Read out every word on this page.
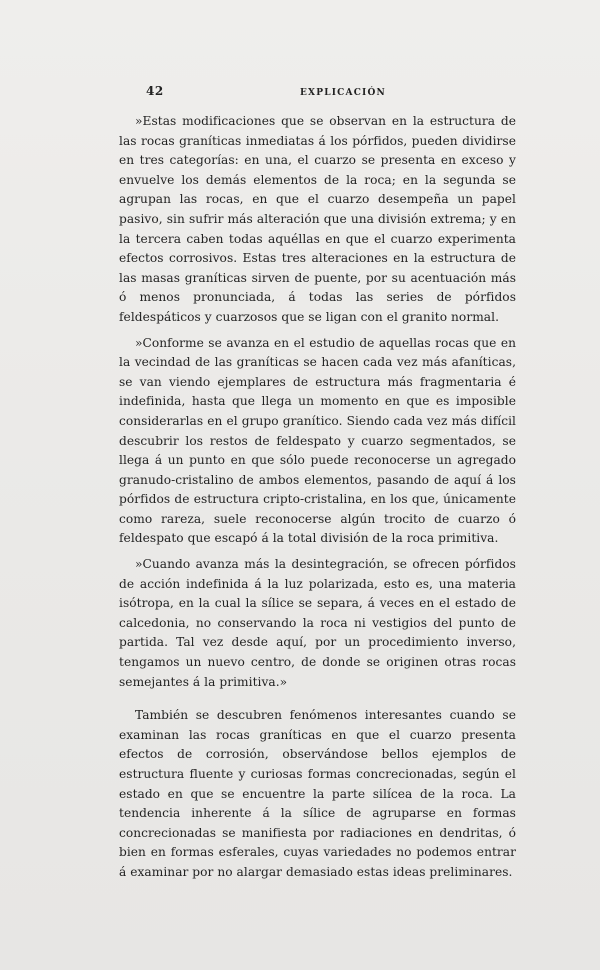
42	EXPLICACIÓN

»Estas modificaciones que se observan en la estructura de las rocas graníticas inmediatas á los pórfidos, pueden dividirse en tres categorías: en una, el cuarzo se presenta en exceso y envuelve los demás elementos de la roca; en la segunda se agrupan las rocas, en que el cuarzo desempeña un papel pasivo, sin sufrir más alteración que una división extrema; y en la tercera caben todas aquéllas en que el cuarzo experimenta efectos corrosivos. Estas tres alteraciones en la estructura de las masas graníticas sirven de puente, por su acentuación más ó menos pronunciada, á todas las series de pórfidos feldespáticos y cuarzosos que se ligan con el granito normal.

»Conforme se avanza en el estudio de aquellas rocas que en la vecindad de las graníticas se hacen cada vez más afaníticas, se van viendo ejemplares de estructura más fragmentaria é indefinida, hasta que llega un momento en que es imposible considerarlas en el grupo granítico. Siendo cada vez más difícil descubrir los restos de feldespato y cuarzo segmentados, se llega á un punto en que sólo puede reconocerse un agregado granudo-cristalino de ambos elementos, pasando de aquí á los pórfidos de estructura cripto-cristalina, en los que, únicamente como rareza, suele reconocerse algún trocito de cuarzo ó feldespato que escapó á la total división de la roca primitiva.

»Cuando avanza más la desintegración, se ofrecen pórfidos de acción indefinida á la luz polarizada, esto es, una materia isótropa, en la cual la sílice se separa, á veces en el estado de calcedonia, no conservando la roca ni vestigios del punto de partida. Tal vez desde aquí, por un procedimiento inverso, tengamos un nuevo centro, de donde se originen otras rocas semejantes á la primitiva.»

También se descubren fenómenos interesantes cuando se examinan las rocas graníticas en que el cuarzo presenta efectos de corrosión, observándose bellos ejemplos de estructura fluente y curiosas formas concrecionadas, según el estado en que se encuentre la parte silícea de la roca. La tendencia inherente á la sílice de agruparse en formas concrecionadas se manifiesta por radiaciones en dendritas, ó bien en formas esferales, cuyas variedades no podemos entrar á examinar por no alargar demasiado estas ideas preliminares.
